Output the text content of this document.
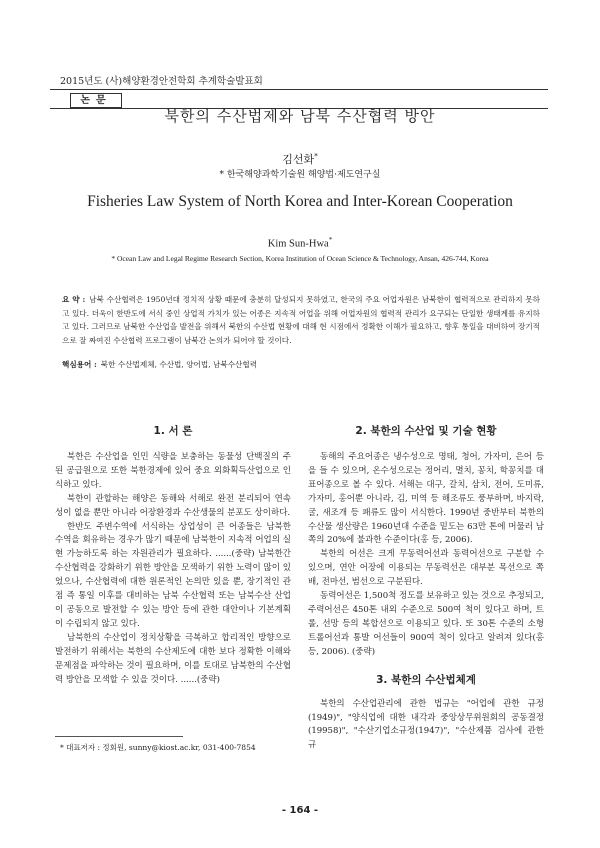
2015년도 (사)해양환경안전학회 추계학술발표회
논문
북한의 수산법제와 남북 수산협력 방안
김선화*
* 한국해양과학기술원 해양법·제도연구실
Fisheries Law System of North Korea and Inter-Korean Cooperation
Kim Sun-Hwa*
* Ocean Law and Legal Regime Research Section, Korea Institution of Ocean Science & Technology, Ansan, 426-744, Korea
요 약 : 남북 수산협력은 1950년대 정치적 상황 때문에 충분히 달성되지 못하였고, 한국의 주요 어업자원은 남북한이 협력적으로 관리하지 못하고 있다. 더욱이 한반도에 서식 중인 상업적 가치가 있는 어종은 지속적 어업을 위해 어업자원의 협력적 관리가 요구되는 단일한 생태계를 유지하고 있다. 그러므로 남북한 수산업을 발전을 위해서 북한의 수산법 현황에 대해 현 시점에서 정확한 이해가 필요하고, 향후 통일을 대비하여 장기적으로 잘 짜여진 수산협력 프로그램이 남북간 논의가 되어야 할 것이다.
핵심용어 : 북한 수산법제체, 수산법, 양어법, 남북수산협력
1. 서 론

북한은 수산업을 인민 식량을 보충하는 동물성 단백질의 주된 공급원으로 또한 북한경제에 있어 중요 외화획득산업으로 인식하고 있다.

북한이 관할하는 해양은 동해와 서해로 완전 분리되어 연속성이 없을 뿐만 아니라 어장환경과 수산생물의 분포도 상이하다.

한반도 주변수역에 서식하는 상업성이 큰 어종들은 남북한 수역을 회유하는 경우가 많기 때문에 남북한이 지속적 어업의 실현 가능하도록 하는 자원관리가 필요하다. ......(중략) 남북한간 수산협력을 강화하기 위한 방안을 모색하기 위한 노력이 많이 있었으나, 수산협력에 대한 원론적인 논의만 있을 뿐, 장기적인 관점 즉 통일 이후를 대비하는 남북 수산협력 또는 남북수산 산업이 공동으로 발전할 수 있는 방안 등에 관한 대안이나 기본계획이 수립되지 않고 있다.

남북한의 수산업이 정치상황을 극복하고 합리적인 방향으로 발전하기 위해서는 북한의 수산제도에 대한 보다 정확한 이해와 문제점을 파악하는 것이 필요하며, 이를 토대로 남북한의 수산협력 방안을 모색할 수 있을 것이다. ......(중략)

2. 북한의 수산업 및 기술 현황

동해의 주요어종은 냉수성으로 명태, 청어, 가자미, 은어 등을 들 수 있으며, 온수성으로는 정어리, 멸치, 꽁치, 학꽁치를 대표어종으로 볼 수 있다. 서해는 대구, 갈치, 삼치, 전어, 도미류, 가자미, 홍어뿐 아니라, 김, 미역 등 해조류도 풍부하며, 바지락, 굴, 새조개 등 패류도 많이 서식한다. 1990년 중반부터 북한의 수산물 생산량은 1960년대 수준을 밑도는 63만 톤에 머물러 남쪽의 20%에 불과한 수준이다(홍 등, 2006).

북한의 어선은 크게 무동력어선과 동력어선으로 구분할 수 있으며, 연안 어장에 이용되는 무동력선은 대부분 목선으로 쪽배, 전마선, 범선으로 구분된다.

동력어선은 1,500척 정도를 보유하고 있는 것으로 추정되고, 주력어선은 450톤 내외 수준으로 500여 척이 있다고 하며, 트롤, 선망 등의 복합선으로 이용되고 있다. 또 30톤 수준의 소형 트롤어선과 통발 어선들이 900여 척이 있다고 알려져 있다(홍 등, 2006). (중략)

3. 북한의 수산법체계

북한의 수산업관리에 관한 법규는 "어업에 관한 규정(1949)", "양식업에 대한 내각과 중앙상무위원회의 공동결정(19958)", "수산기업소규정(1947)", "수산제품 검사에 관한 규

* 대표저자 : 정회원, sunny@kiost.ac.kr, 031-400-7854
- 164 -
